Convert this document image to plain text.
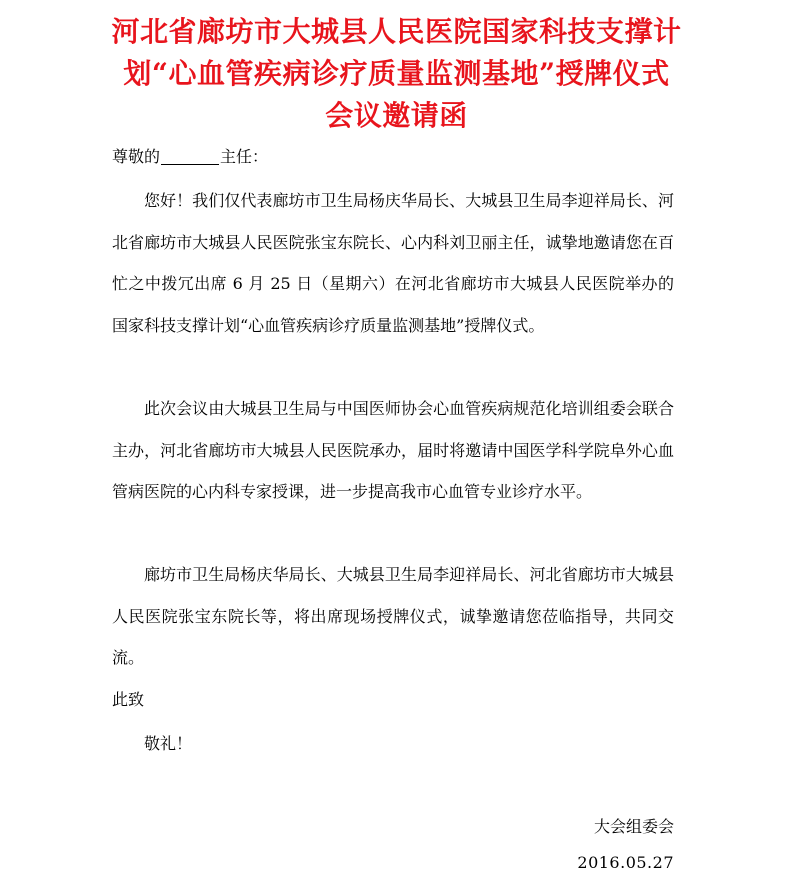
河北省廊坊市大城县人民医院国家科技支撑计
划“心血管疾病诊疗质量监测基地”授牌仪式
会议邀请函
尊敬的	主任：
您好！我们仅代表廊坊市卫生局杨庆华局长、大城县卫生局李迎祥局长、河北省廊坊市大城县人民医院张宝东院长、心内科刘卫丽主任，诚挚地邀请您在百忙之中拨冗出席 6 月 25 日（星期六）在河北省廊坊市大城县人民医院举办的国家科技支撑计划“心血管疾病诊疗质量监测基地”授牌仪式。
此次会议由大城县卫生局与中国医师协会心血管疾病规范化培训组委会联合主办，河北省廊坊市大城县人民医院承办，届时将邀请中国医学科学院阜外心血管病医院的心内科专家授课，进一步提高我市心血管专业诊疗水平。
廊坊市卫生局杨庆华局长、大城县卫生局李迎祥局长、河北省廊坊市大城县人民医院张宝东院长等，将出席现场授牌仪式，诚挚邀请您莅临指导，共同交流。
此致
敬礼！
大会组委会
2016.05.27
